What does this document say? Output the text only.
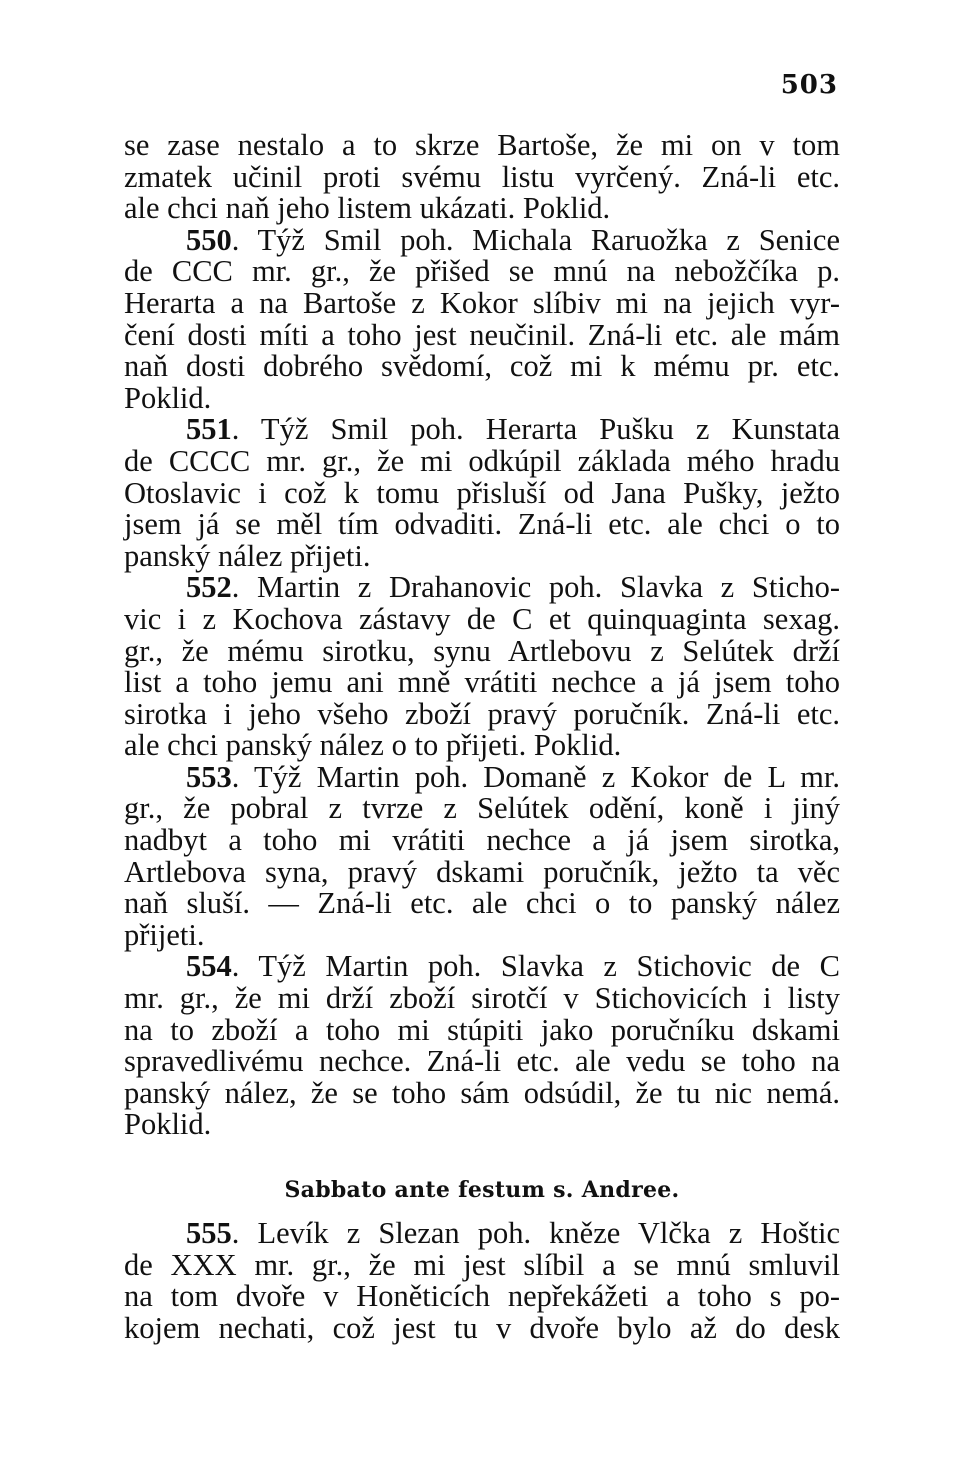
503

se zase nestalo a to skrze Bartoše, že mi on v tom
zmatek učinil proti svému listu vyrčený. Zná-li etc.
ale chci naň jeho listem ukázati. Poklid.

550. Týž Smil poh. Michala Raruožka z Senice
de CCC mr. gr., že přišed se mnú na nebožčíka p.
Herarta a na Bartoše z Kokor slíbiv mi na jejich vyr-
čení dosti míti a toho jest neučinil. Zná-li etc. ale mám
naň dosti dobrého svědomí, což mi k mému pr. etc.
Poklid.

551. Týž Smil poh. Herarta Pušku z Kunstata
de CCCC mr. gr., že mi odkúpil základa mého hradu
Otoslavic i což k tomu přisluší od Jana Pušky, ježto
jsem já se měl tím odvaditi. Zná-li etc. ale chci o to
panský nález přijeti.

552. Martin z Drahanovic poh. Slavka z Sticho-
vic i z Kochova zástavy de C et quinquaginta sexag.
gr., že mému sirotku, synu Artlebovu z Selútek drží
list a toho jemu ani mně vrátiti nechce a já jsem toho
sirotka i jeho všeho zboží pravý poručník. Zná-li etc.
ale chci panský nález o to přijeti. Poklid.

553. Týž Martin poh. Domaně z Kokor de L mr.
gr., že pobral z tvrze z Selútek odění, koně i jiný
nadbyt a toho mi vrátiti nechce a já jsem sirotka,
Artlebova syna, pravý dskami poručník, ježto ta věc
naň sluší. — Zná-li etc. ale chci o to panský nález
přijeti.

554. Týž Martin poh. Slavka z Stichovic de C
mr. gr., že mi drží zboží sirotčí v Stichovicích i listy
na to zboží a toho mi stúpiti jako poručníku dskami
spravedlivému nechce. Zná-li etc. ale vedu se toho na
panský nález, že se toho sám odsúdil, že tu nic nemá.
Poklid.

Sabbato ante festum s. Andree.

555. Levík z Slezan poh. kněze Vlčka z Hoštic
de XXX mr. gr., že mi jest slíbil a se mnú smluvil
na tom dvoře v Honěticích nepřekážeti a toho s po-
kojem nechati, což jest tu v dvoře bylo až do desk
